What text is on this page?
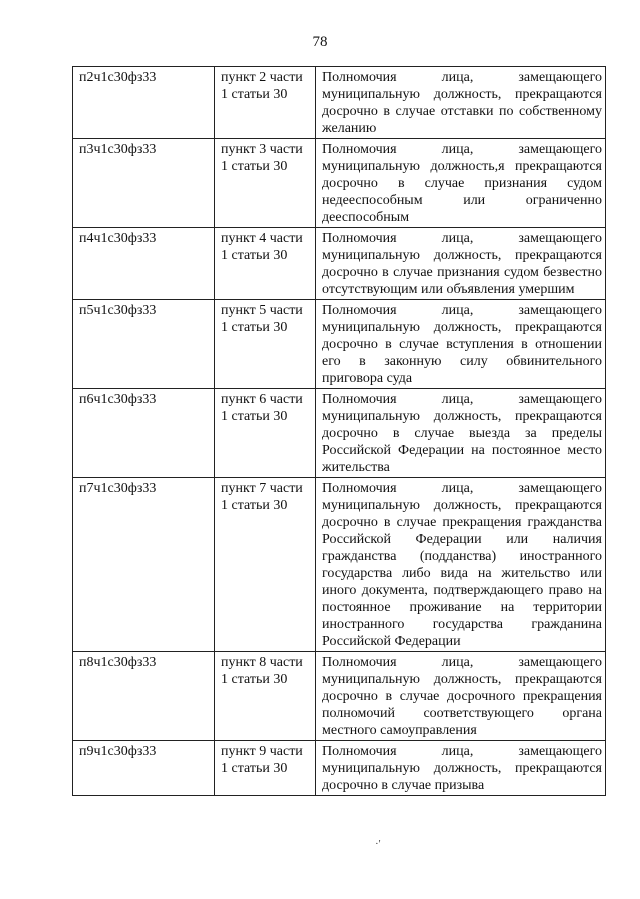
78
п2ч1с30фз33	пункт 2 части 1 статьи 30	Полномочия лица, замещающего муниципальную должность, прекращаются досрочно в случае отставки по собственному желанию
п3ч1с30фз33	пункт 3 части 1 статьи 30	Полномочия лица, замещающего муниципальную должность,я прекращаются досрочно в случае признания судом недееспособным или ограниченно дееспособным
п4ч1с30фз33	пункт 4 части 1 статьи 30	Полномочия лица, замещающего муниципальную должность, прекращаются досрочно в случае признания судом безвестно отсутствующим или объявления умершим
п5ч1с30фз33	пункт 5 части 1 статьи 30	Полномочия лица, замещающего муниципальную должность, прекращаются досрочно в случае вступления в отношении его в законную силу обвинительного приговора суда
п6ч1с30фз33	пункт 6 части 1 статьи 30	Полномочия лица, замещающего муниципальную должность, прекращаются досрочно в случае выезда за пределы Российской Федерации на постоянное место жительства
п7ч1с30фз33	пункт 7 части 1 статьи 30	Полномочия лица, замещающего муниципальную должность, прекращаются досрочно в случае прекращения гражданства Российской Федерации или наличия гражданства (подданства) иностранного государства либо вида на жительство или иного документа, подтверждающего право на постоянное проживание на территории иностранного государства гражданина Российской Федерации
п8ч1с30фз33	пункт 8 части 1 статьи 30	Полномочия лица, замещающего муниципальную должность, прекращаются досрочно в случае досрочного прекращения полномочий соответствующего органа местного самоуправления
п9ч1с30фз33	пункт 9 части 1 статьи 30	Полномочия лица, замещающего муниципальную должность, прекращаются досрочно в случае призыва
·'
